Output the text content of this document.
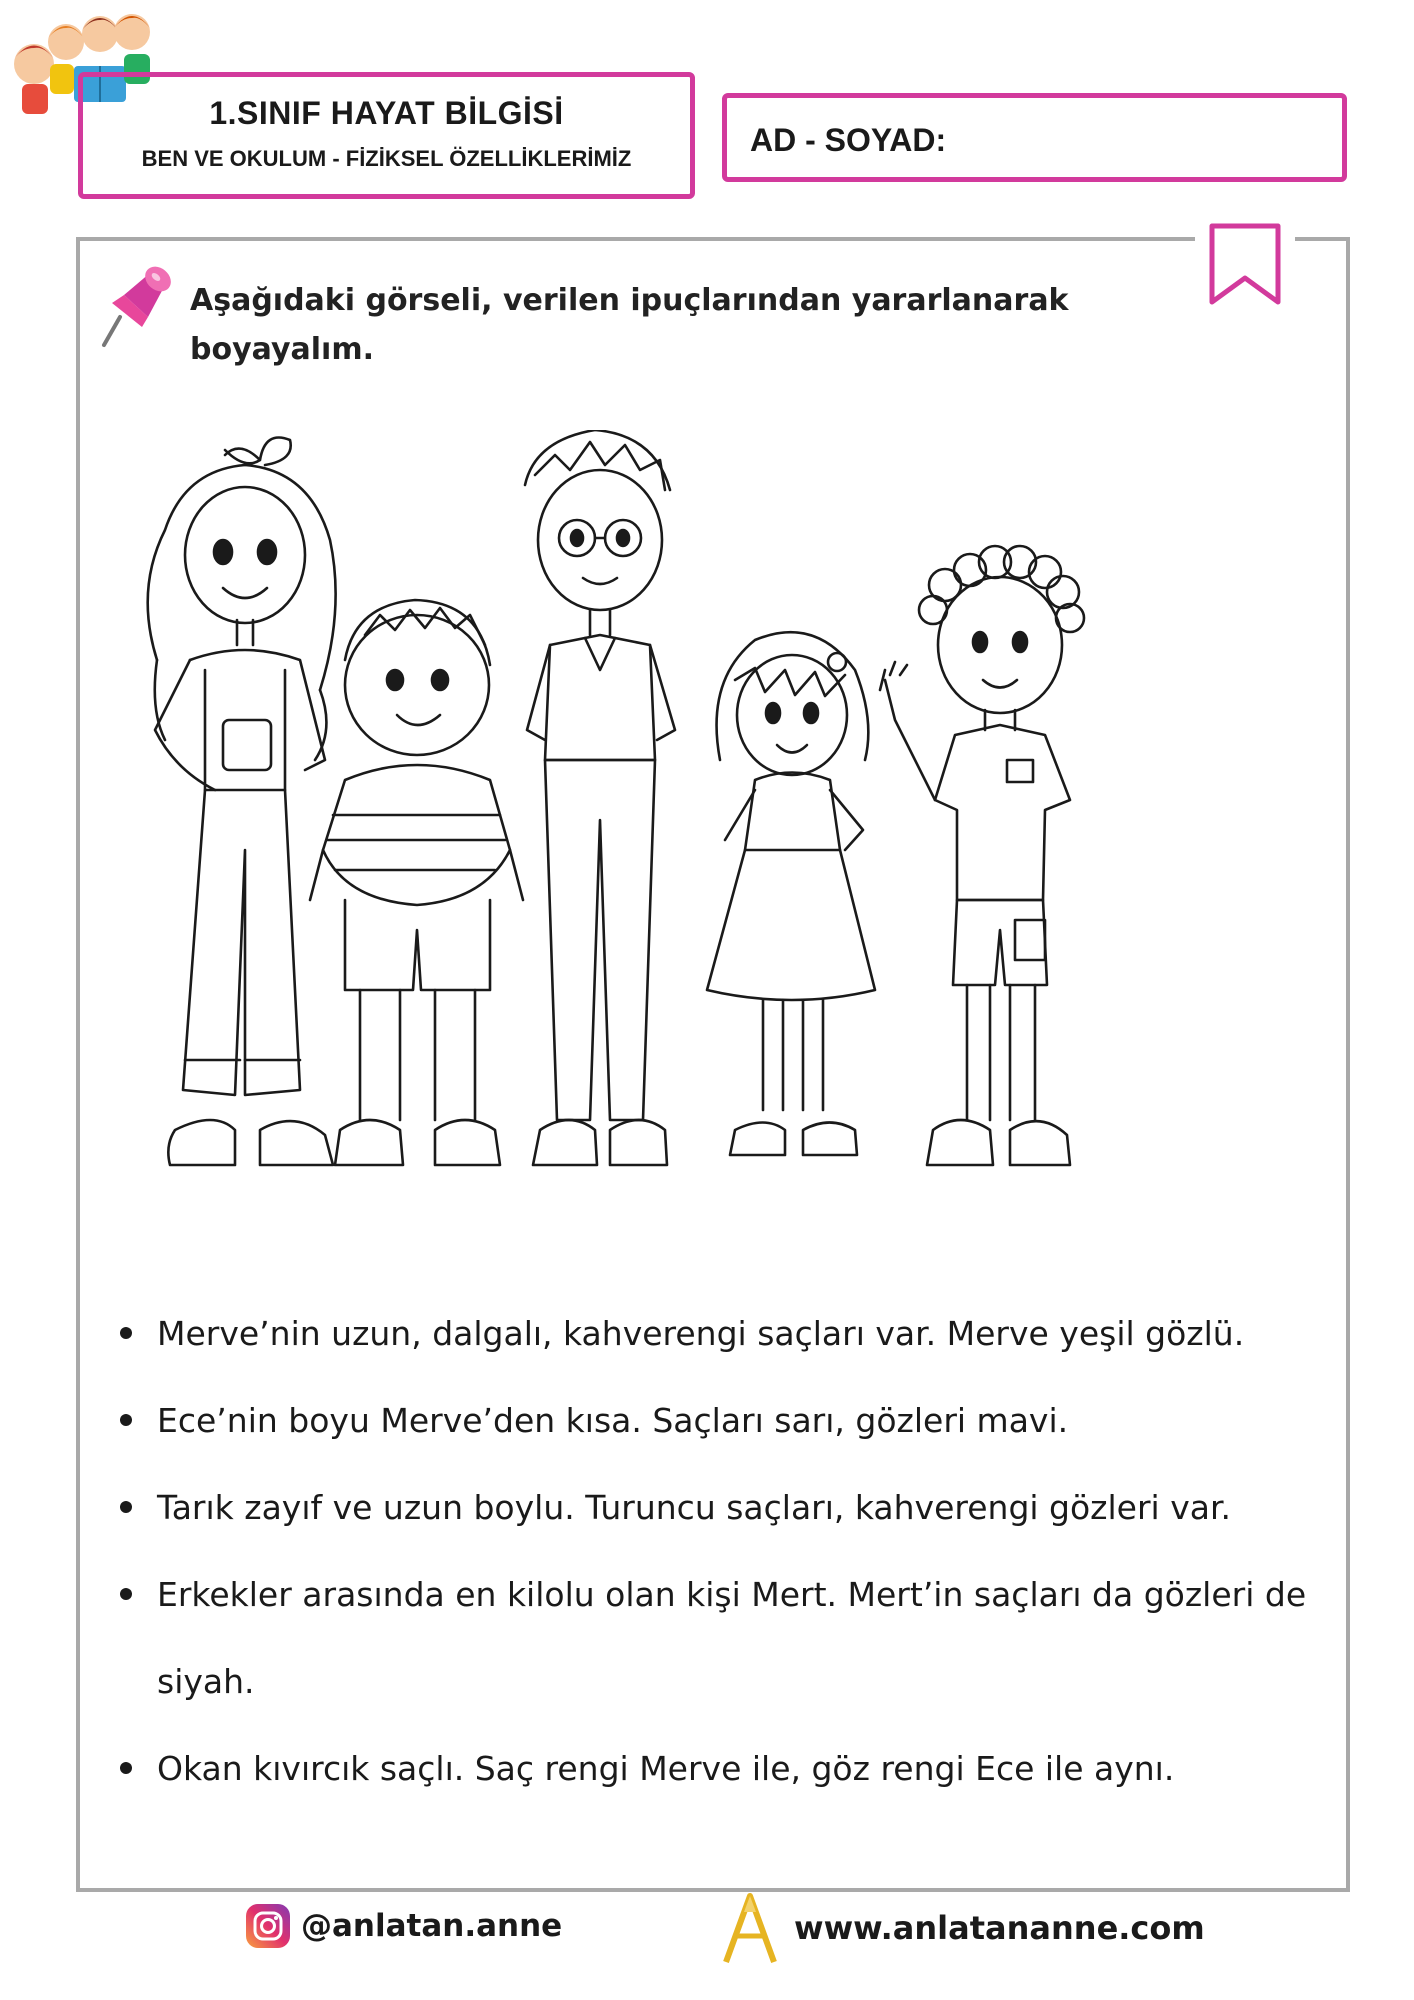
1.SINIF HAYAT BİLGİSİ
BEN VE OKULUM - FİZİKSEL ÖZELLİKLERİMİZ
AD - SOYAD:
Aşağıdaki görseli, verilen ipuçlarından yararlanarak boyayalım.
Merve’nin uzun, dalgalı, kahverengi saçları var. Merve yeşil gözlü.
Ece’nin boyu Merve’den kısa. Saçları sarı, gözleri mavi.
Tarık zayıf ve uzun boylu. Turuncu saçları, kahverengi gözleri var.
Erkekler arasında en kilolu olan kişi Mert. Mert’in saçları da gözleri de siyah.
Okan kıvırcık saçlı. Saç rengi Merve ile, göz rengi Ece ile aynı.
@anlatan.anne	www.anlatananne.com
